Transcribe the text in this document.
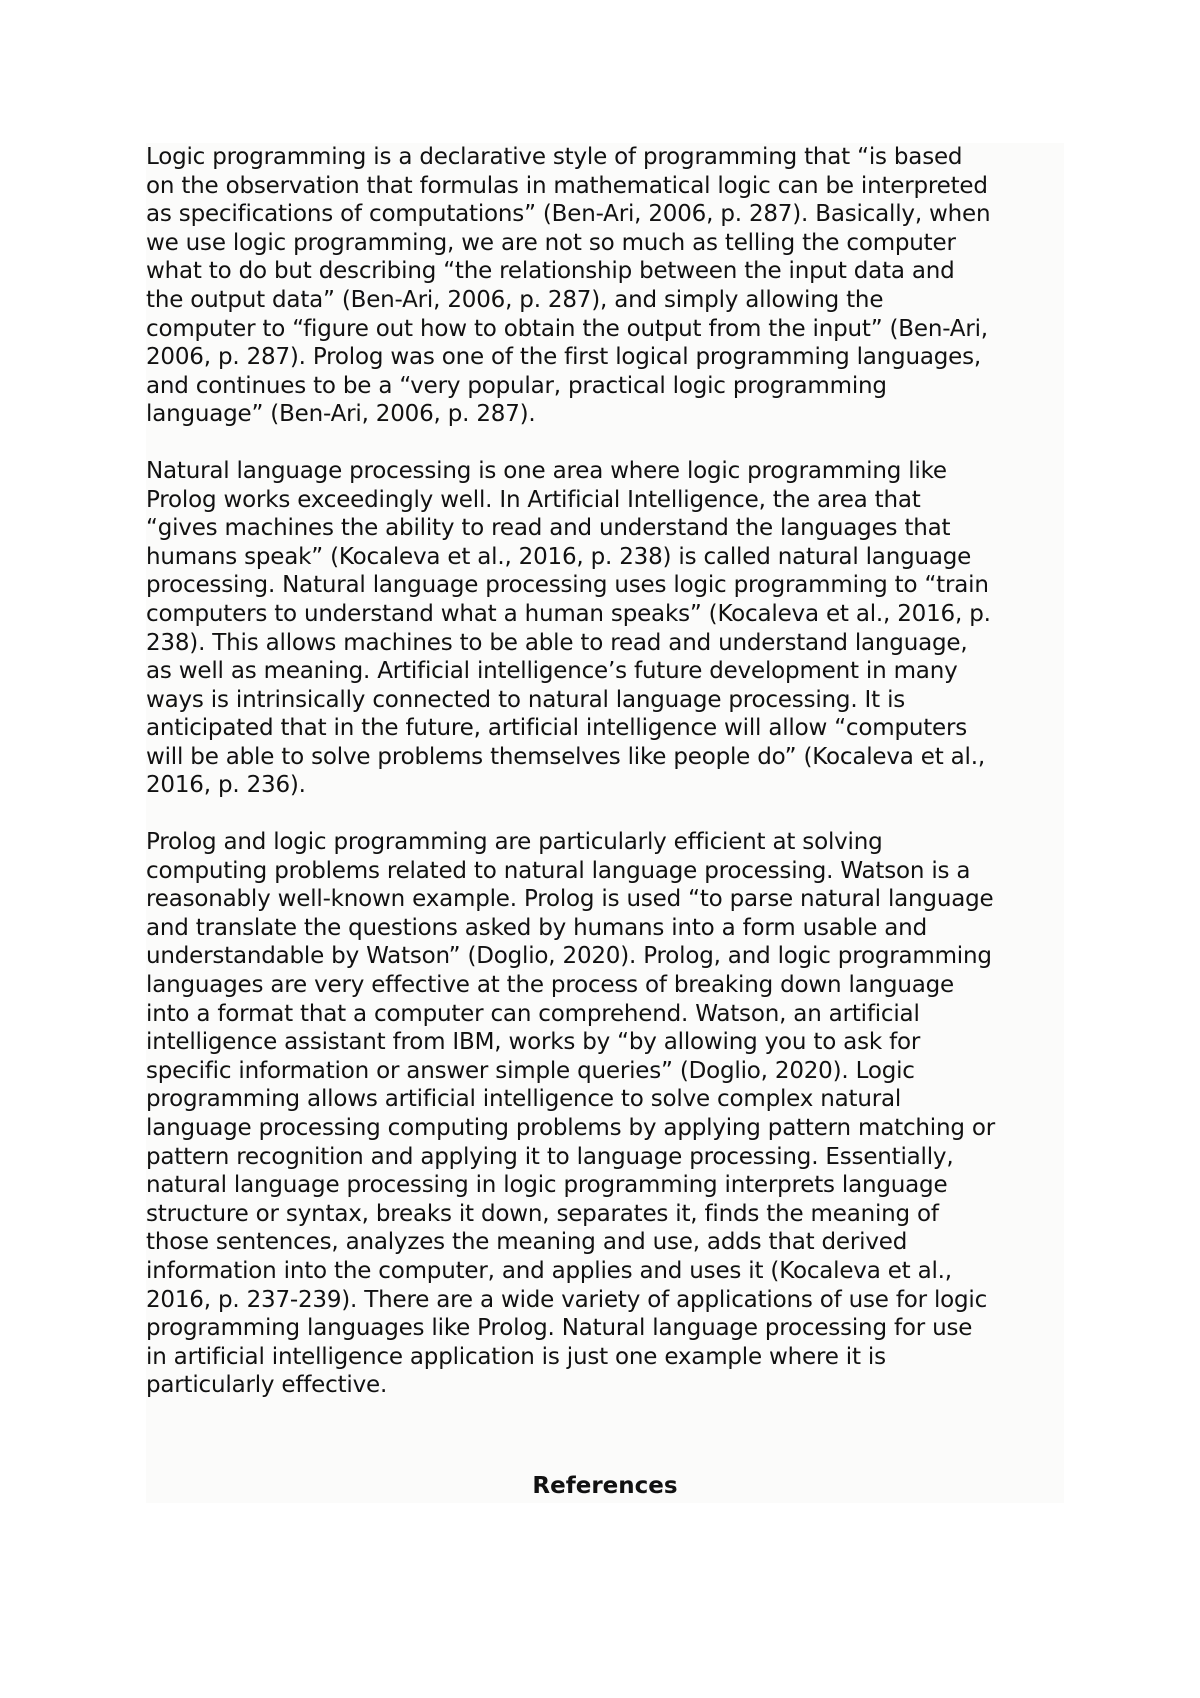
Logic programming is a declarative style of programming that “is based
on the observation that formulas in mathematical logic can be interpreted
as specifications of computations” (Ben-Ari, 2006, p. 287). Basically, when
we use logic programming, we are not so much as telling the computer
what to do but describing “the relationship between the input data and
the output data” (Ben-Ari, 2006, p. 287), and simply allowing the
computer to “figure out how to obtain the output from the input” (Ben-Ari,
2006, p. 287). Prolog was one of the first logical programming languages,
and continues to be a “very popular, practical logic programming
language” (Ben-Ari, 2006, p. 287).

Natural language processing is one area where logic programming like
Prolog works exceedingly well. In Artificial Intelligence, the area that
“gives machines the ability to read and understand the languages that
humans speak” (Kocaleva et al., 2016, p. 238) is called natural language
processing. Natural language processing uses logic programming to “train
computers to understand what a human speaks” (Kocaleva et al., 2016, p.
238). This allows machines to be able to read and understand language,
as well as meaning. Artificial intelligence’s future development in many
ways is intrinsically connected to natural language processing. It is
anticipated that in the future, artificial intelligence will allow “computers
will be able to solve problems themselves like people do” (Kocaleva et al.,
2016, p. 236).

Prolog and logic programming are particularly efficient at solving
computing problems related to natural language processing. Watson is a
reasonably well-known example. Prolog is used “to parse natural language
and translate the questions asked by humans into a form usable and
understandable by Watson” (Doglio, 2020). Prolog, and logic programming
languages are very effective at the process of breaking down language
into a format that a computer can comprehend. Watson, an artificial
intelligence assistant from IBM, works by “by allowing you to ask for
specific information or answer simple queries” (Doglio, 2020). Logic
programming allows artificial intelligence to solve complex natural
language processing computing problems by applying pattern matching or
pattern recognition and applying it to language processing. Essentially,
natural language processing in logic programming interprets language
structure or syntax, breaks it down, separates it, finds the meaning of
those sentences, analyzes the meaning and use, adds that derived
information into the computer, and applies and uses it (Kocaleva et al.,
2016, p. 237-239). There are a wide variety of applications of use for logic
programming languages like Prolog. Natural language processing for use
in artificial intelligence application is just one example where it is
particularly effective.

References
